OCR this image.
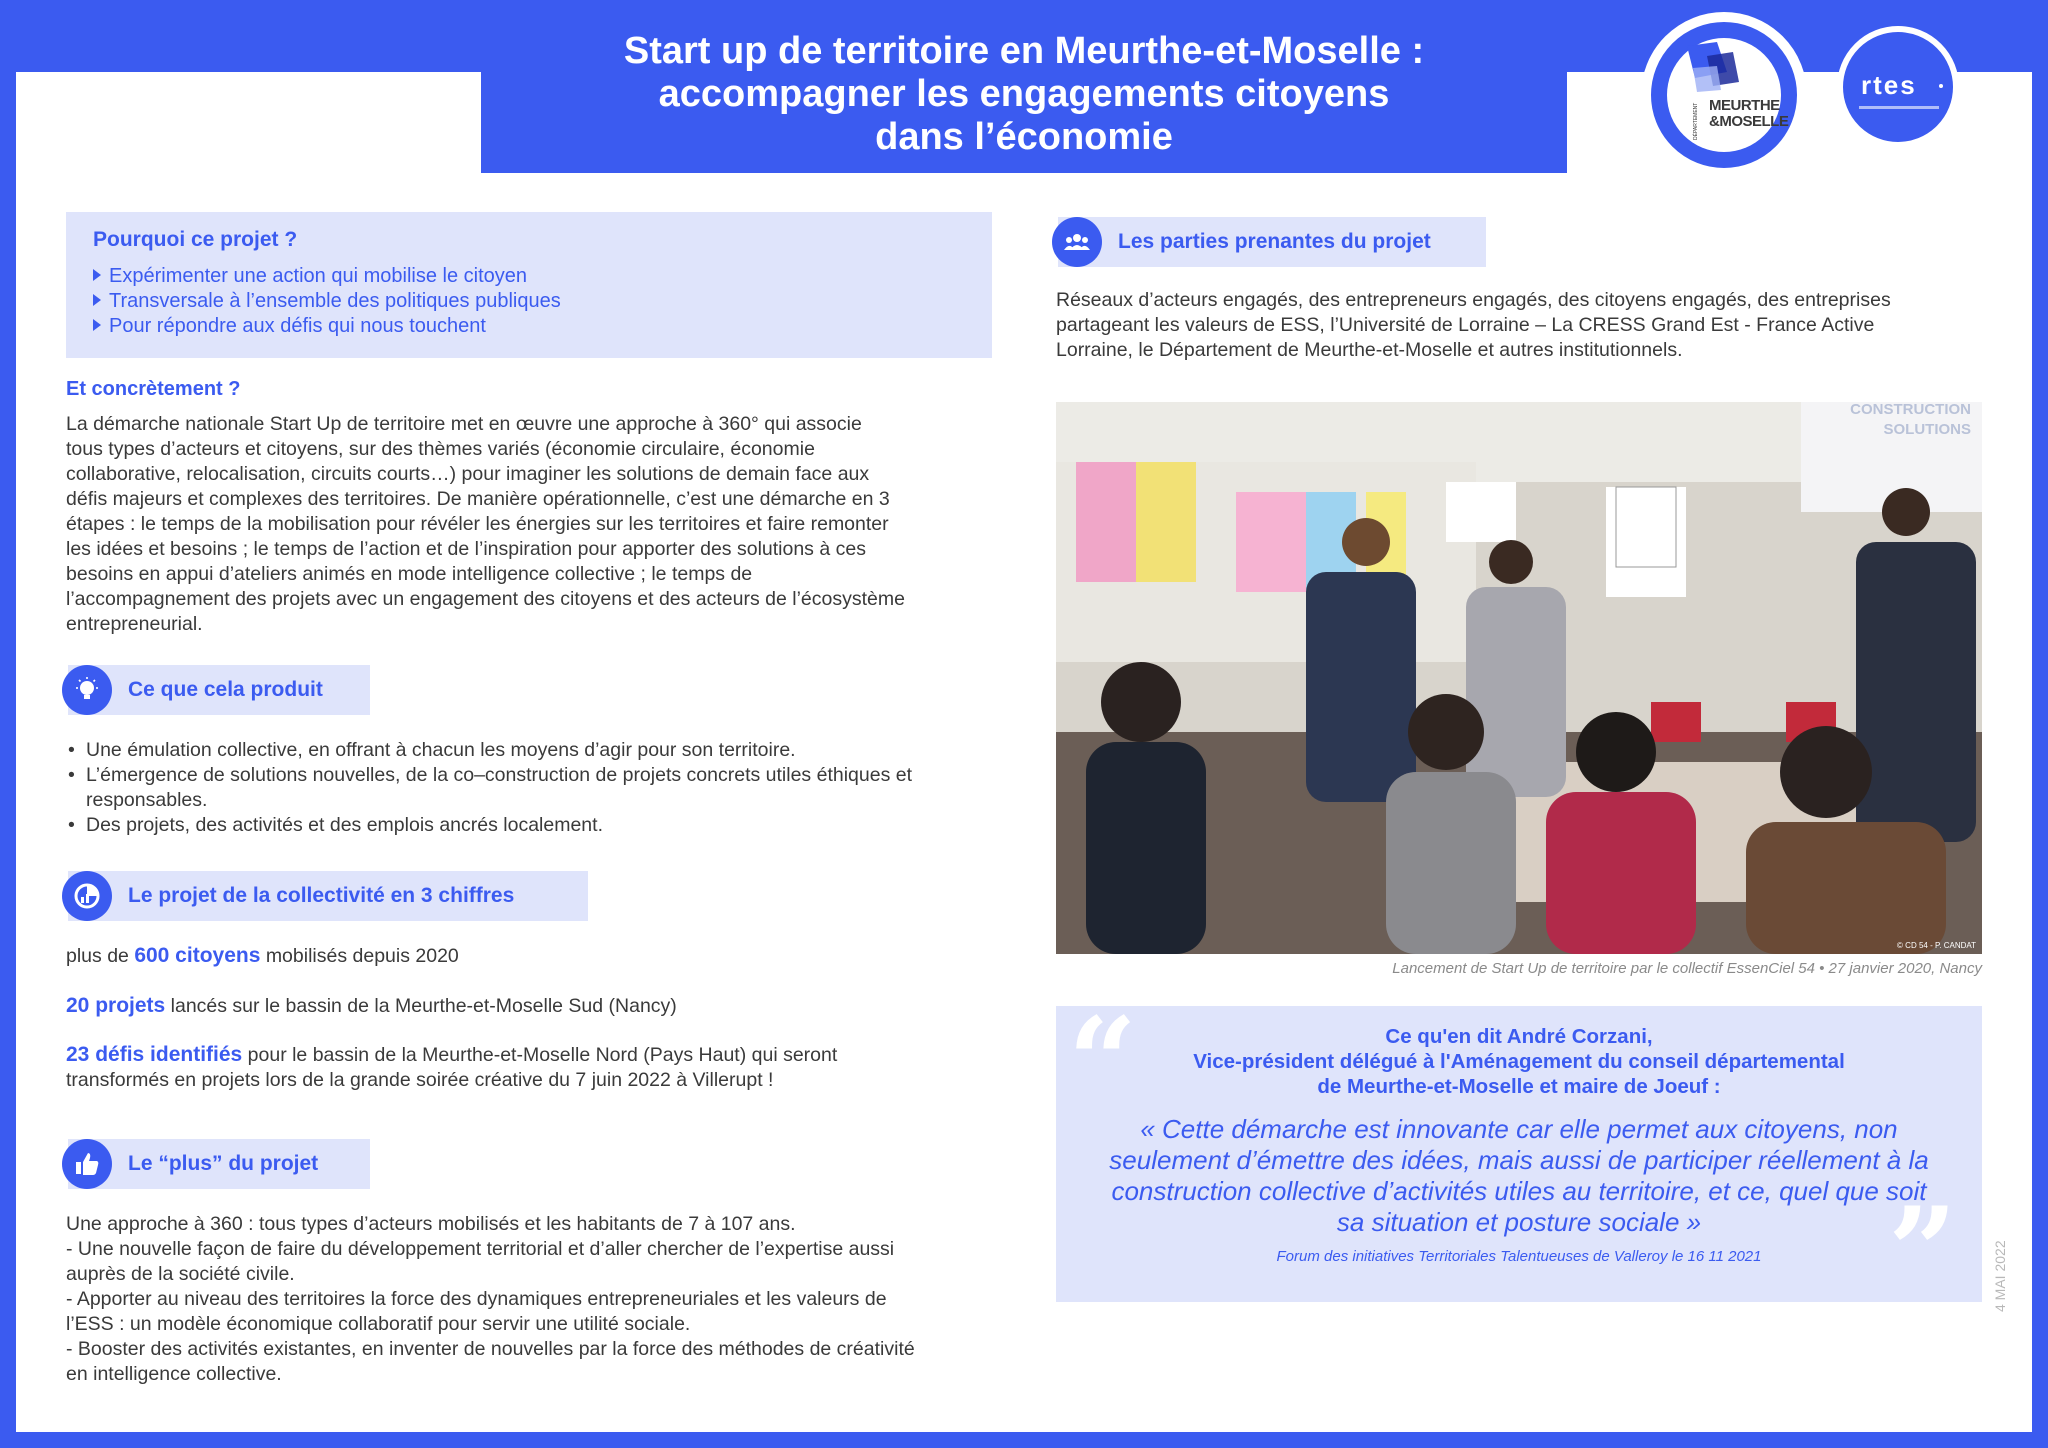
Start up de territoire en Meurthe-et-Moselle :
accompagner les engagements citoyens
dans l’économie	DÉPARTEMENT MEURTHE
&MOSELLE
rtes
Pourquoi ce projet ?
Expérimenter une action qui mobilise le citoyen
Transversale à l’ensemble des politiques publiques
Pour répondre aux défis qui nous touchent
Et concrètement ?
La démarche nationale Start Up de territoire met en œuvre une approche à 360° qui associe
tous types d’acteurs et citoyens, sur des thèmes variés (économie circulaire, économie
collaborative, relocalisation, circuits courts…) pour imaginer les solutions de demain face aux
défis majeurs et complexes des territoires. De manière opérationnelle, c’est une démarche en 3
étapes : le temps de la mobilisation pour révéler les énergies sur les territoires et faire remonter
les idées et besoins ; le temps de l’action et de l’inspiration pour apporter des solutions à ces
besoins en appui d’ateliers animés en mode intelligence collective ; le temps de
l’accompagnement des projets avec un engagement des citoyens et des acteurs de l’écosystème
entrepreneurial.
Ce que cela produit
• Une émulation collective, en offrant à chacun les moyens d’agir pour son territoire.
• L’émergence de solutions nouvelles, de la co–construction de projets concrets utiles éthiques et
responsables.
• Des projets, des activités et des emplois ancrés localement.
Le projet de la collectivité en 3 chiffres
plus de 600 citoyens mobilisés depuis 2020
20 projets lancés sur le bassin de la Meurthe-et-Moselle Sud (Nancy)
23 défis identifiés pour le bassin de la Meurthe-et-Moselle Nord (Pays Haut) qui seront
transformés en projets lors de la grande soirée créative du 7 juin 2022 à Villerupt !
Le “plus” du projet
Une approche à 360 : tous types d’acteurs mobilisés et les habitants de 7 à 107 ans.
- Une nouvelle façon de faire du développement territorial et d’aller chercher de l’expertise aussi
auprès de la société civile.
- Apporter au niveau des territoires la force des dynamiques entrepreneuriales et les valeurs de
l’ESS : un modèle économique collaboratif pour servir une utilité sociale.
- Booster des activités existantes, en inventer de nouvelles par la force des méthodes de créativité
en intelligence collective.
Les parties prenantes du projet
Réseaux d’acteurs engagés, des entrepreneurs engagés, des citoyens engagés, des entreprises
partageant les valeurs de ESS, l’Université de Lorraine – La CRESS Grand Est - France Active
Lorraine, le Département de Meurthe-et-Moselle et autres institutionnels.
CONSTRUCTION
SOLUTIONS
© CD 54 - P. CANDAT
Lancement de Start Up de territoire par le collectif EssenCiel 54 • 27 janvier 2020, Nancy
“
”
Ce qu'en dit André Corzani,
Vice-président délégué à l'Aménagement du conseil départemental
de Meurthe-et-Moselle et maire de Joeuf :
« Cette démarche est innovante car elle permet aux citoyens, non
seulement d’émettre des idées, mais aussi de participer réellement à la
construction collective d’activités utiles au territoire, et ce, quel que soit
sa situation et posture sociale »
Forum des initiatives Territoriales Talentueuses de Valleroy le 16 11 2021	4 MAI 2022
